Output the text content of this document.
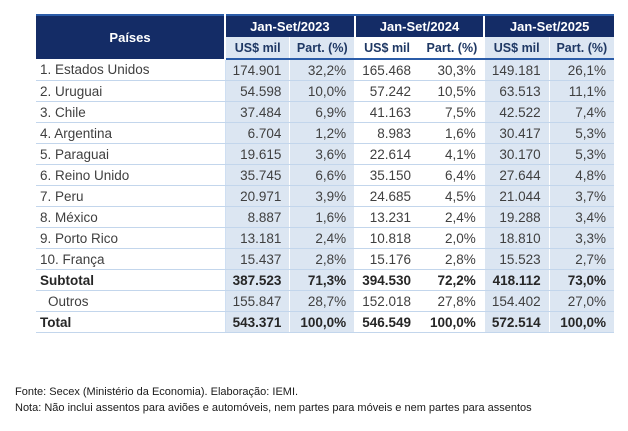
Países	Jan-Set/2023		Jan-Set/2024		Jan-Set/2025	
	US$ mil	Part. (%)	US$ mil	Part. (%)	US$ mil	Part. (%)
1. Estados Unidos	174.901	32,2%	165.468	30,3%	149.181	26,1%
2. Uruguai	54.598	10,0%	57.242	10,5%	63.513	11,1%
3. Chile	37.484	6,9%	41.163	7,5%	42.522	7,4%
4. Argentina	6.704	1,2%	8.983	1,6%	30.417	5,3%
5. Paraguai	19.615	3,6%	22.614	4,1%	30.170	5,3%
6. Reino Unido	35.745	6,6%	35.150	6,4%	27.644	4,8%
7. Peru	20.971	3,9%	24.685	4,5%	21.044	3,7%
8. México	8.887	1,6%	13.231	2,4%	19.288	3,4%
9. Porto Rico	13.181	2,4%	10.818	2,0%	18.810	3,3%
10. França	15.437	2,8%	15.176	2,8%	15.523	2,7%
Subtotal	387.523	71,3%	394.530	72,2%	418.112	73,0%
Outros	155.847	28,7%	152.018	27,8%	154.402	27,0%
Total	543.371	100,0%	546.549	100,0%	572.514	100,0%
Fonte: Secex (Ministério da Economia). Elaboração: IEMI.
Nota: Não inclui assentos para aviões e automóveis, nem partes para móveis e nem partes para assentos
